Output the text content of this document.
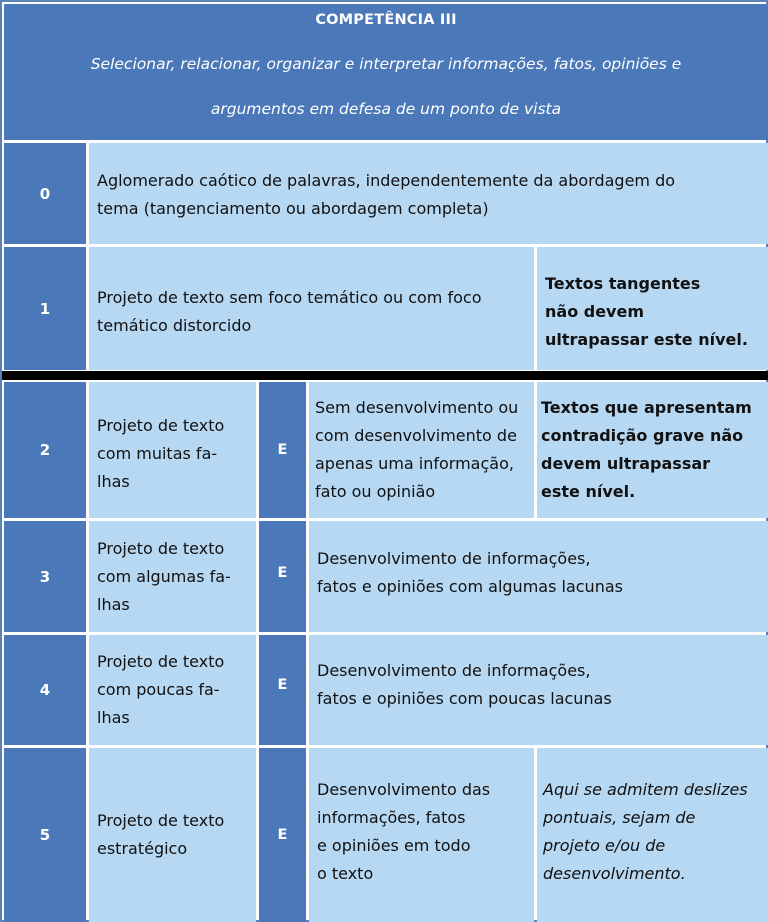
COMPETÊNCIA III
Selecionar, relacionar, organizar e interpretar informações, fatos, opiniões e
argumentos em defesa de um ponto de vista
0
Aglomerado caótico de palavras, independentemente da abordagem do
tema (tangenciamento ou abordagem completa)
1
Projeto de texto sem foco temático ou com foco
temático distorcido
Textos tangentes
não devem
ultrapassar este nível.
2
Projeto de texto
com muitas fa-
lhas
E
Sem desenvolvimento ou
com desenvolvimento de
apenas uma informação,
fato ou opinião
Textos que apresentam
contradição grave não
devem ultrapassar
este nível.
3
Projeto de texto
com algumas fa-
lhas
E
Desenvolvimento de informações,
fatos e opiniões com algumas lacunas
4
Projeto de texto
com poucas fa-
lhas
E
Desenvolvimento de informações,
fatos e opiniões com poucas lacunas
5
Projeto de texto
estratégico
E
Desenvolvimento das
informações, fatos
e opiniões em todo
o texto
Aqui se admitem deslizes
pontuais, sejam de
projeto e/ou de
desenvolvimento.
